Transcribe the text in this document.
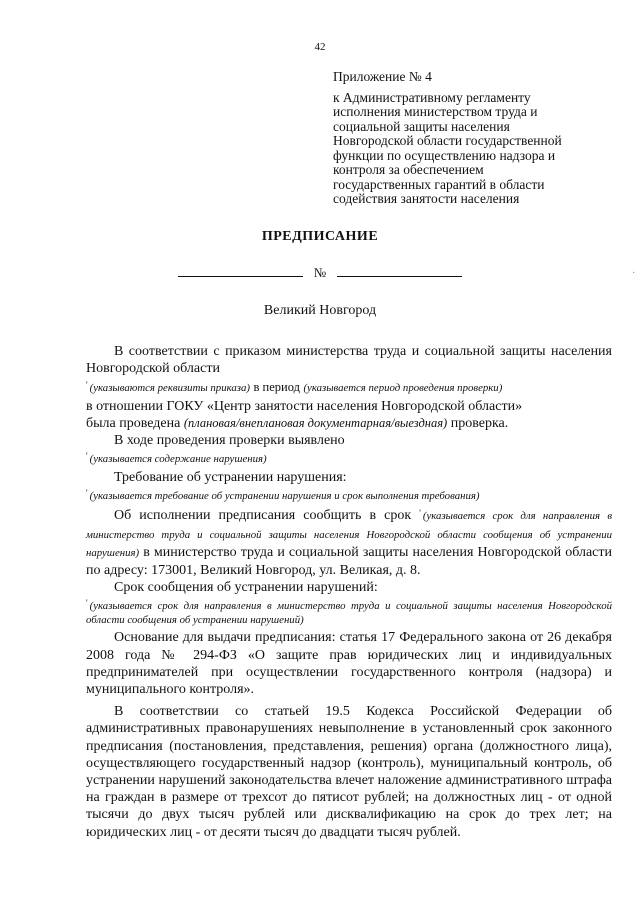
42
Приложение № 4
к Административному регламенту
исполнения министерством труда и
социальной защиты населения
Новгородской области государственной
функции по осуществлению надзора и
контроля за обеспечением
государственных гарантий в области
содействия занятости населения
ПРЕДПИСАНИЕ
№
Великий Новгород

В соответствии с приказом министерства труда и социальной защиты населения Новгородской области

' (указываются реквизиты приказа) в период (указывается период проведения проверки)

в отношении ГОКУ «Центр занятости населения Новгородской области»

была проведена (плановая/внеплановая документарная/выездная) проверка.

В ходе проведения проверки выявлено

' (указывается содержание нарушения)

Требование об устранении нарушения:

' (указывается требование об устранении нарушения и срок выполнения требования)

Об исполнении предписания сообщить в срок ' (указывается срок для направления в министерство труда и социальной защиты населения Новгородской области сообщения об устранении нарушения) в министерство труда и социальной защиты населения Новгородской области по адресу: 173001, Великий Новгород, ул. Великая, д. 8.

Срок сообщения об устранении нарушений:

' (указывается срок для направления в министерство труда и социальной защиты населения Новгородской области сообщения об устранении нарушений)

Основание для выдачи предписания: статья 17 Федерального закона от 26 декабря 2008 года № 294-ФЗ «О защите прав юридических лиц и индивидуальных предпринимателей при осуществлении государственного контроля (надзора) и муниципального контроля».

В соответствии со статьей 19.5 Кодекса Российской Федерации об административных правонарушениях невыполнение в установленный срок законного предписания (постановления, представления, решения) органа (должностного лица), осуществляющего государственный надзор (контроль), муниципальный контроль, об устранении нарушений законодательства влечет наложение административного штрафа на граждан в размере от трехсот до пятисот рублей; на должностных лиц - от одной тысячи до двух тысяч рублей или дисквалификацию на срок до трех лет; на юридических лиц - от десяти тысяч до двадцати тысяч рублей.

·
